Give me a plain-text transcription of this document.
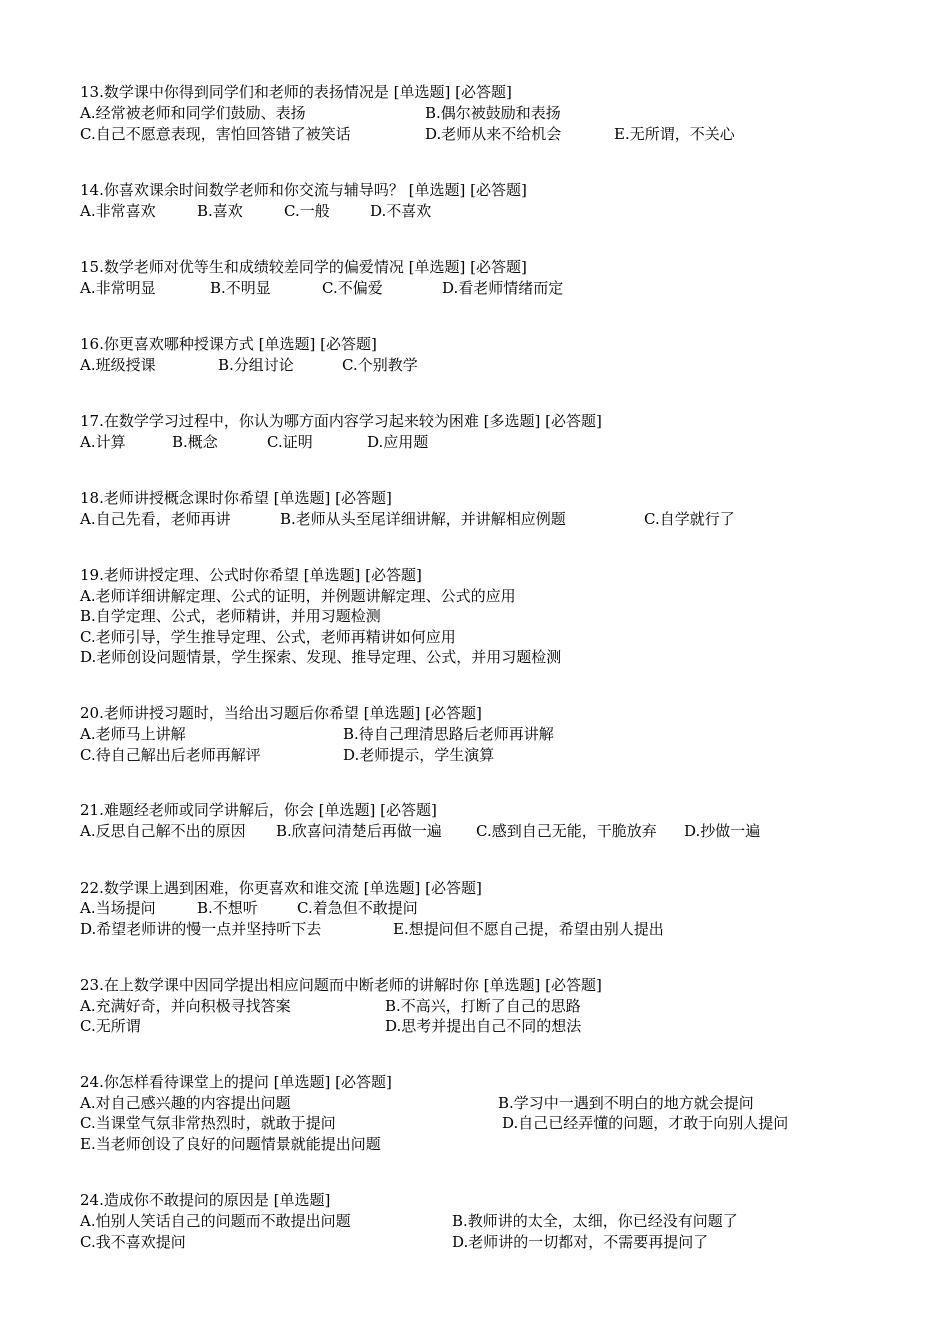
13.数学课中你得到同学们和老师的表扬情况是 [单选题] [必答题]
A.经常被老师和同学们鼓励、表扬	B.偶尔被鼓励和表扬
C.自己不愿意表现，害怕回答错了被笑话	D.老师从来不给机会	E.无所谓，不关心
14.你喜欢课余时间数学老师和你交流与辅导吗？ [单选题] [必答题]
A.非常喜欢	B.喜欢	C.一般	D.不喜欢
15.数学老师对优等生和成绩较差同学的偏爱情况 [单选题] [必答题]
A.非常明显	B.不明显	C.不偏爱	D.看老师情绪而定
16.你更喜欢哪种授课方式 [单选题] [必答题]
A.班级授课	B.分组讨论	C.个别教学
17.在数学学习过程中，你认为哪方面内容学习起来较为困难 [多选题] [必答题]
A.计算	B.概念	C.证明	D.应用题
18.老师讲授概念课时你希望 [单选题] [必答题]
A.自己先看，老师再讲	B.老师从头至尾详细讲解，并讲解相应例题	C.自学就行了
19.老师讲授定理、公式时你希望 [单选题] [必答题]
A.老师详细讲解定理、公式的证明，并例题讲解定理、公式的应用
B.自学定理、公式，老师精讲，并用习题检测
C.老师引导，学生推导定理、公式，老师再精讲如何应用
D.老师创设问题情景，学生探索、发现、推导定理、公式，并用习题检测
20.老师讲授习题时，当给出习题后你希望 [单选题] [必答题]
A.老师马上讲解	B.待自己理清思路后老师再讲解
C.待自己解出后老师再解评	D.老师提示，学生演算
21.难题经老师或同学讲解后，你会 [单选题] [必答题]
A.反思自己解不出的原因 B.欣喜问清楚后再做一遍 C.感到自己无能，干脆放弃 D.抄做一遍
22.数学课上遇到困难，你更喜欢和谁交流 [单选题] [必答题]
A.当场提问	B.不想听	C.着急但不敢提问
D.希望老师讲的慢一点并坚持听下去	E.想提问但不愿自己提，希望由别人提出
23.在上数学课中因同学提出相应问题而中断老师的讲解时你 [单选题] [必答题]
A.充满好奇，并向积极寻找答案	B.不高兴，打断了自己的思路
C.无所谓	D.思考并提出自己不同的想法
24.你怎样看待课堂上的提问 [单选题] [必答题]
A.对自己感兴趣的内容提出问题	B.学习中一遇到不明白的地方就会提问
C.当课堂气氛非常热烈时，就敢于提问	D.自己已经弄懂的问题，才敢于向别人提问
E.当老师创设了良好的问题情景就能提出问题
24.造成你不敢提问的原因是 [单选题]
A.怕别人笑话自己的问题而不敢提出问题	B.教师讲的太全，太细，你已经没有问题了
C.我不喜欢提问	D.老师讲的一切都对，不需要再提问了
